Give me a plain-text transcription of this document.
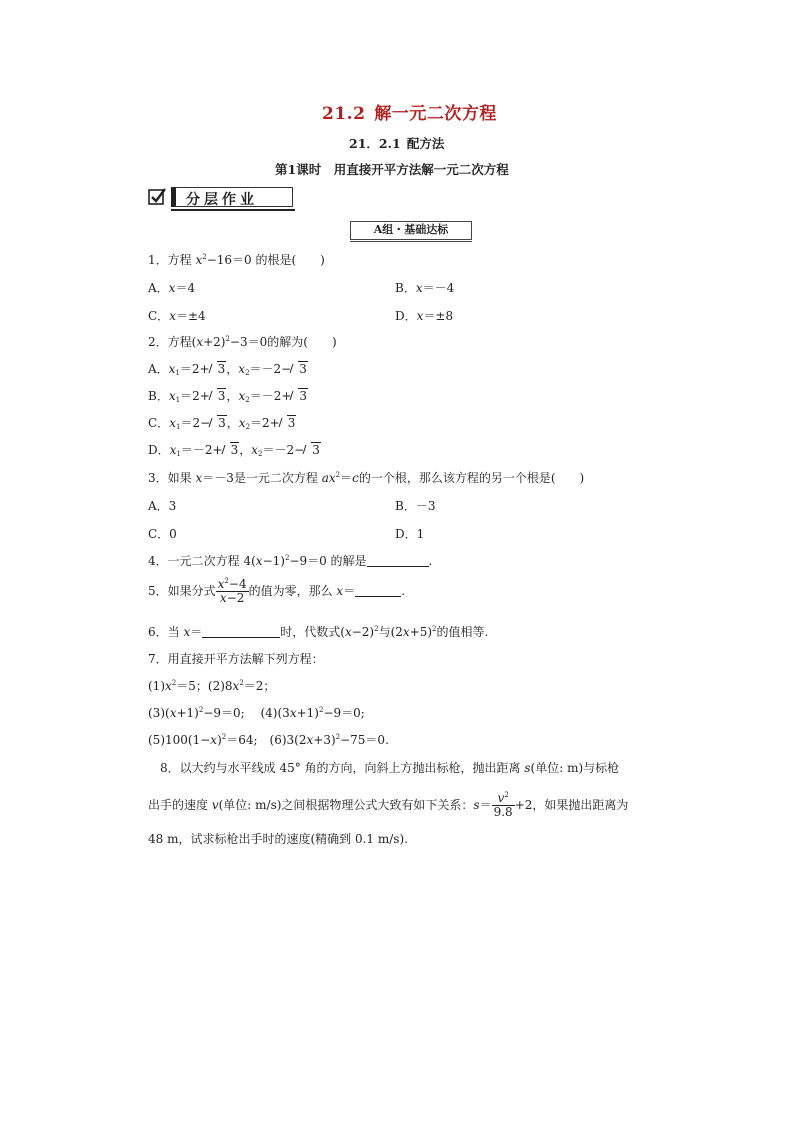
21.2 解一元二次方程
21．2.1 配方法
第1课时 用直接开平方法解一元二次方程
分层作业
A组・基础达标
1．方程 $x^2-16=0$ 的根是(　　)
A．x＝4	B．x＝－4
C．x＝±4	D．x＝±8
2．方程$(x+2)^2-3=0$的解为(　　)
A．$x_1=2+ 3$，$x_2=-2- 3$
B．$x_1=2+ 3$，$x_2=-2+ 3$
C．$x_1=2- 3$，$x_2=2+ 3$
D．$x_1=-2+ 3$，$x_2=-2- 3$
3．如果 x＝－3是一元二次方程 $ax^2=c$的一个根，那么该方程的另一个根是(　　)
A．3	B．－3
C．0	D．1
4．一元二次方程 $4(x-1)^2-9=0$ 的解是	.
5．如果分式 $\frac{x^2-4}{x-2}$ 的值为零，那么 x＝	.
6．当 x＝	时，代数式$(x-2)^2$与$(2x+5)^2$的值相等.
7．用直接开平方法解下列方程：
$(1)x^2=5$；$(2)8x^2=2$；
$(3)(x+1)^2-9=0$;  $(4)(3x+1)^2-9=0$;
$(5)100(1-x)^2=64$; $(6)3(2x+3)^2-75=0$.
8．以大约与水平线成 45° 角的方向，向斜上方抛出标枪，抛出距离 s(单位: m)与标枪
出手的速度 v(单位: m/s)之间根据物理公式大致有如下关系：$s= \frac{v^2}{9.8} +2$，如果抛出距离为
48 m，试求标枪出手时的速度(精确到 0.1 m/s).
